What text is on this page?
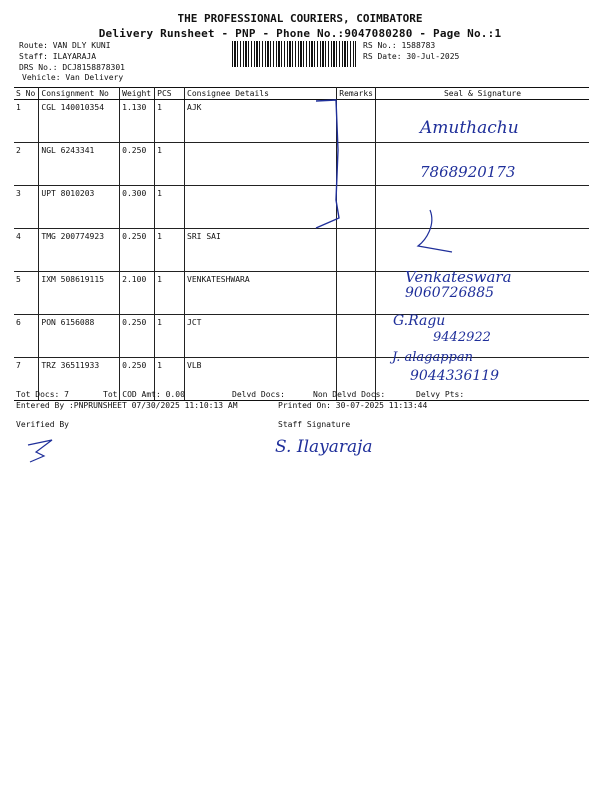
THE PROFESSIONAL COURIERS, COIMBATORE
Delivery Runsheet - PNP - Phone No.:9047080280 - Page No.:1
Route: VAN DLY KUNI
Staff: ILAYARAJA
DRS No.: DCJ8158878301
Vehicle: Van Delivery
RS No.: 1588783
RS Date: 30-Jul-2025
S No	Consignment No	Weight	PCS	Consignee Details	Remarks	Seal & Signature
1	CGL 140010354	1.130	1	AJK		
2	NGL 6243341	0.250	1			
3	UPT 8010203	0.300	1			
4	TMG 200774923	0.250	1	SRI SAI		
5	IXM 508619115	2.100	1	VENKATESHWARA		
6	PON 6156088	0.250	1	JCT		
7	TRZ 36511933	0.250	1	VLB		
Amuthachu
7868920173
Venkateswara
9060726885
G.Ragu
9442922
J. alagappan
9044336119
Tot Docs: 7	Tot COD Amt: 0.00	Delvd Docs:	Non Delvd Docs:	Delvy Pts:
Entered By :PNPRUNSHEET 07/30/2025 11:10:13 AM	Printed On: 30-07-2025 11:13:44
Verified By	Staff Signature
S. Ilayaraja
